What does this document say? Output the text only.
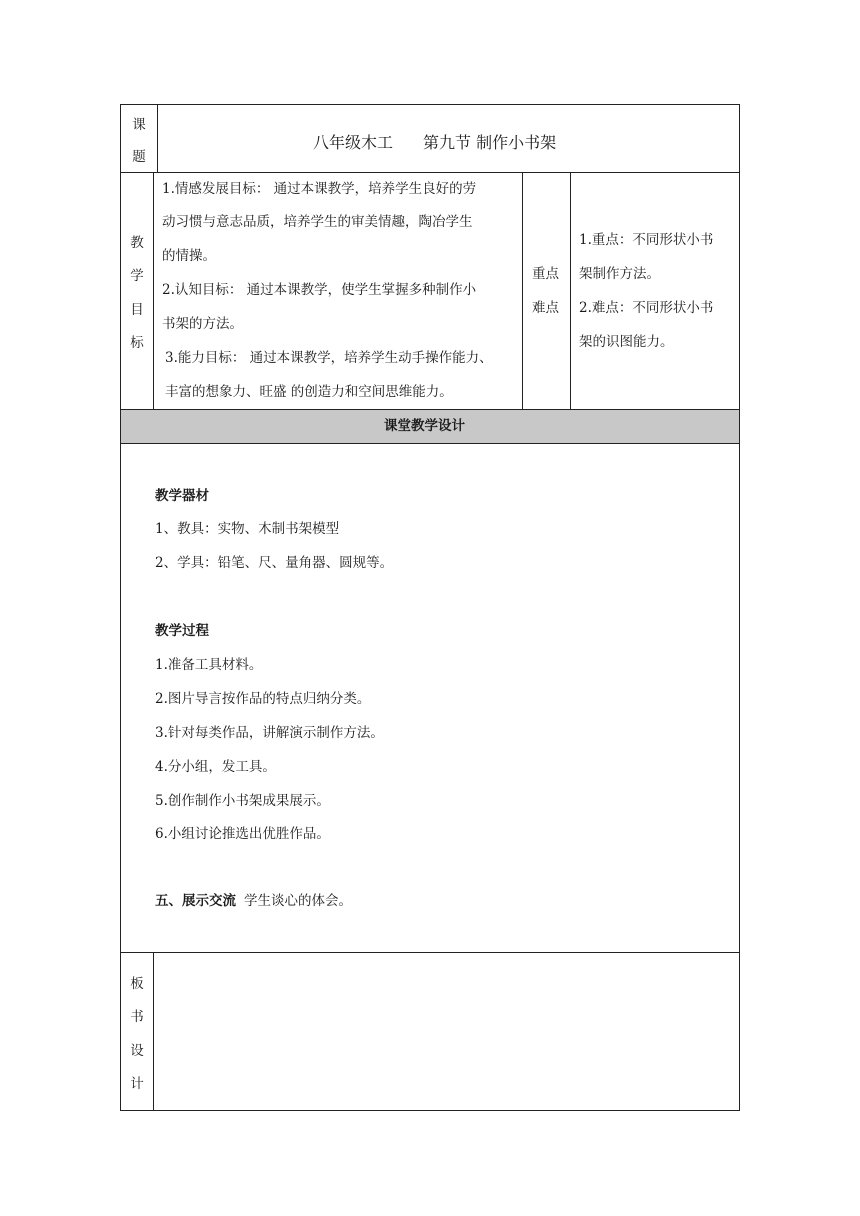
课
题
八年级木工 第九节 制作小书架
教
学
目
标
1.情感发展目标： 通过本课教学，培养学生良好的劳
动习惯与意志品质，培养学生的审美情趣，陶冶学生
的情操。
2.认知目标： 通过本课教学，使学生掌握多种制作小
书架的方法。
3.能力目标： 通过本课教学，培养学生动手操作能力、
丰富的想象力、旺盛 的创造力和空间思维能力。
重点
难点
1.重点：不同形状小书
架制作方法。
2.难点：不同形状小书
架的识图能力。
课堂教学设计
教学器材
1、教具：实物、木制书架模型
2、学具：铅笔、尺、量角器、圆规等。
教学过程
1.准备工具材料。
2.图片导言按作品的特点归纳分类。
3.针对每类作品，讲解演示制作方法。
4.分小组，发工具。
5.创作制作小书架成果展示。
6.小组讨论推选出优胜作品。
五、展示交流 学生谈心的体会。
板
书
设
计
